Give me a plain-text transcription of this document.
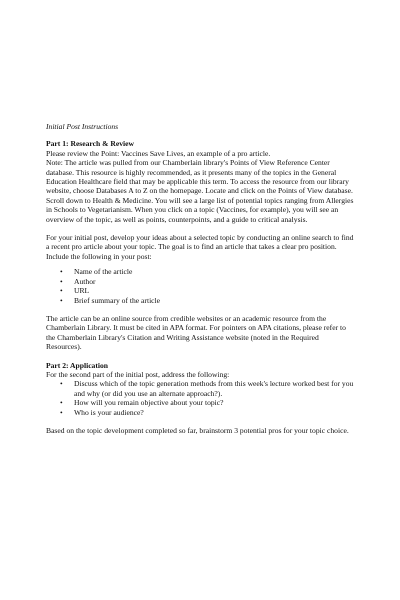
Initial Post Instructions

Part 1: Research & Review

Please review the Point: Vaccines Save Lives, an example of a pro article.

Note: The article was pulled from our Chamberlain library's Points of View Reference Center database. This resource is highly recommended, as it presents many of the topics in the General Education Healthcare field that may be applicable this term. To access the resource from our library website, choose Databases A to Z on the homepage. Locate and click on the Points of View database. Scroll down to Health & Medicine. You will see a large list of potential topics ranging from Allergies in Schools to Vegetarianism. When you click on a topic (Vaccines, for example), you will see an overview of the topic, as well as points, counterpoints, and a guide to critical analysis.

For your initial post, develop your ideas about a selected topic by conducting an online search to find a recent pro article about your topic. The goal is to find an article that takes a clear pro position. Include the following in your post:

• Name of the article
• Author
• URL
• Brief summary of the article

The article can be an online source from credible websites or an academic resource from the Chamberlain Library. It must be cited in APA format. For pointers on APA citations, please refer to the Chamberlain Library's Citation and Writing Assistance website (noted in the Required Resources).

Part 2: Application

For the second part of the initial post, address the following:

• Discuss which of the topic generation methods from this week's lecture worked best for you and why (or did you use an alternate approach?).
• How will you remain objective about your topic?
• Who is your audience?

Based on the topic development completed so far, brainstorm 3 potential pros for your topic choice.
